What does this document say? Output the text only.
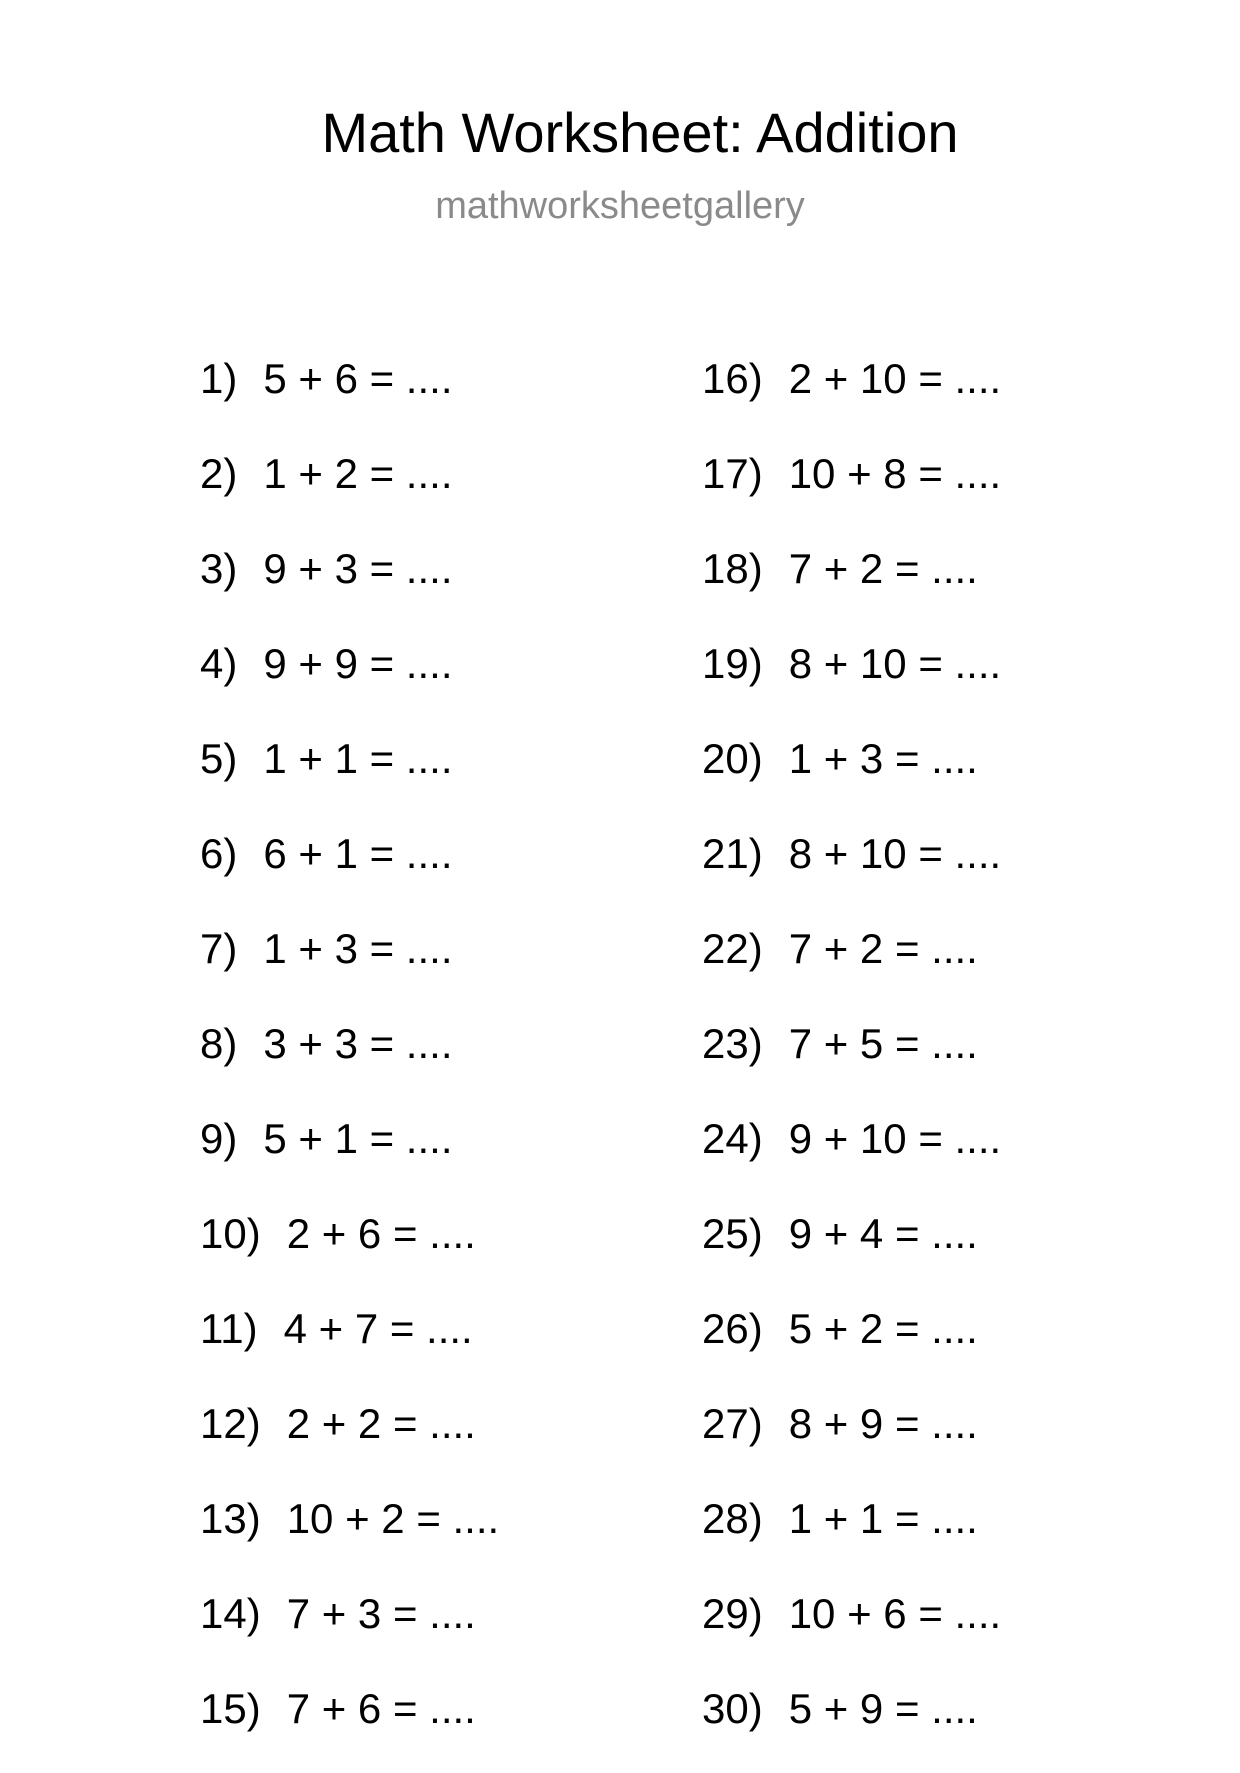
Math Worksheet: Addition
mathworksheetgallery
1) 5 + 6 = ....
2) 1 + 2 = ....
3) 9 + 3 = ....
4) 9 + 9 = ....
5) 1 + 1 = ....
6) 6 + 1 = ....
7) 1 + 3 = ....
8) 3 + 3 = ....
9) 5 + 1 = ....
10) 2 + 6 = ....
11) 4 + 7 = ....
12) 2 + 2 = ....
13) 10 + 2 = ....
14) 7 + 3 = ....
15) 7 + 6 = ....
16) 2 + 10 = ....
17) 10 + 8 = ....
18) 7 + 2 = ....
19) 8 + 10 = ....
20) 1 + 3 = ....
21) 8 + 10 = ....
22) 7 + 2 = ....
23) 7 + 5 = ....
24) 9 + 10 = ....
25) 9 + 4 = ....
26) 5 + 2 = ....
27) 8 + 9 = ....
28) 1 + 1 = ....
29) 10 + 6 = ....
30) 5 + 9 = ....
